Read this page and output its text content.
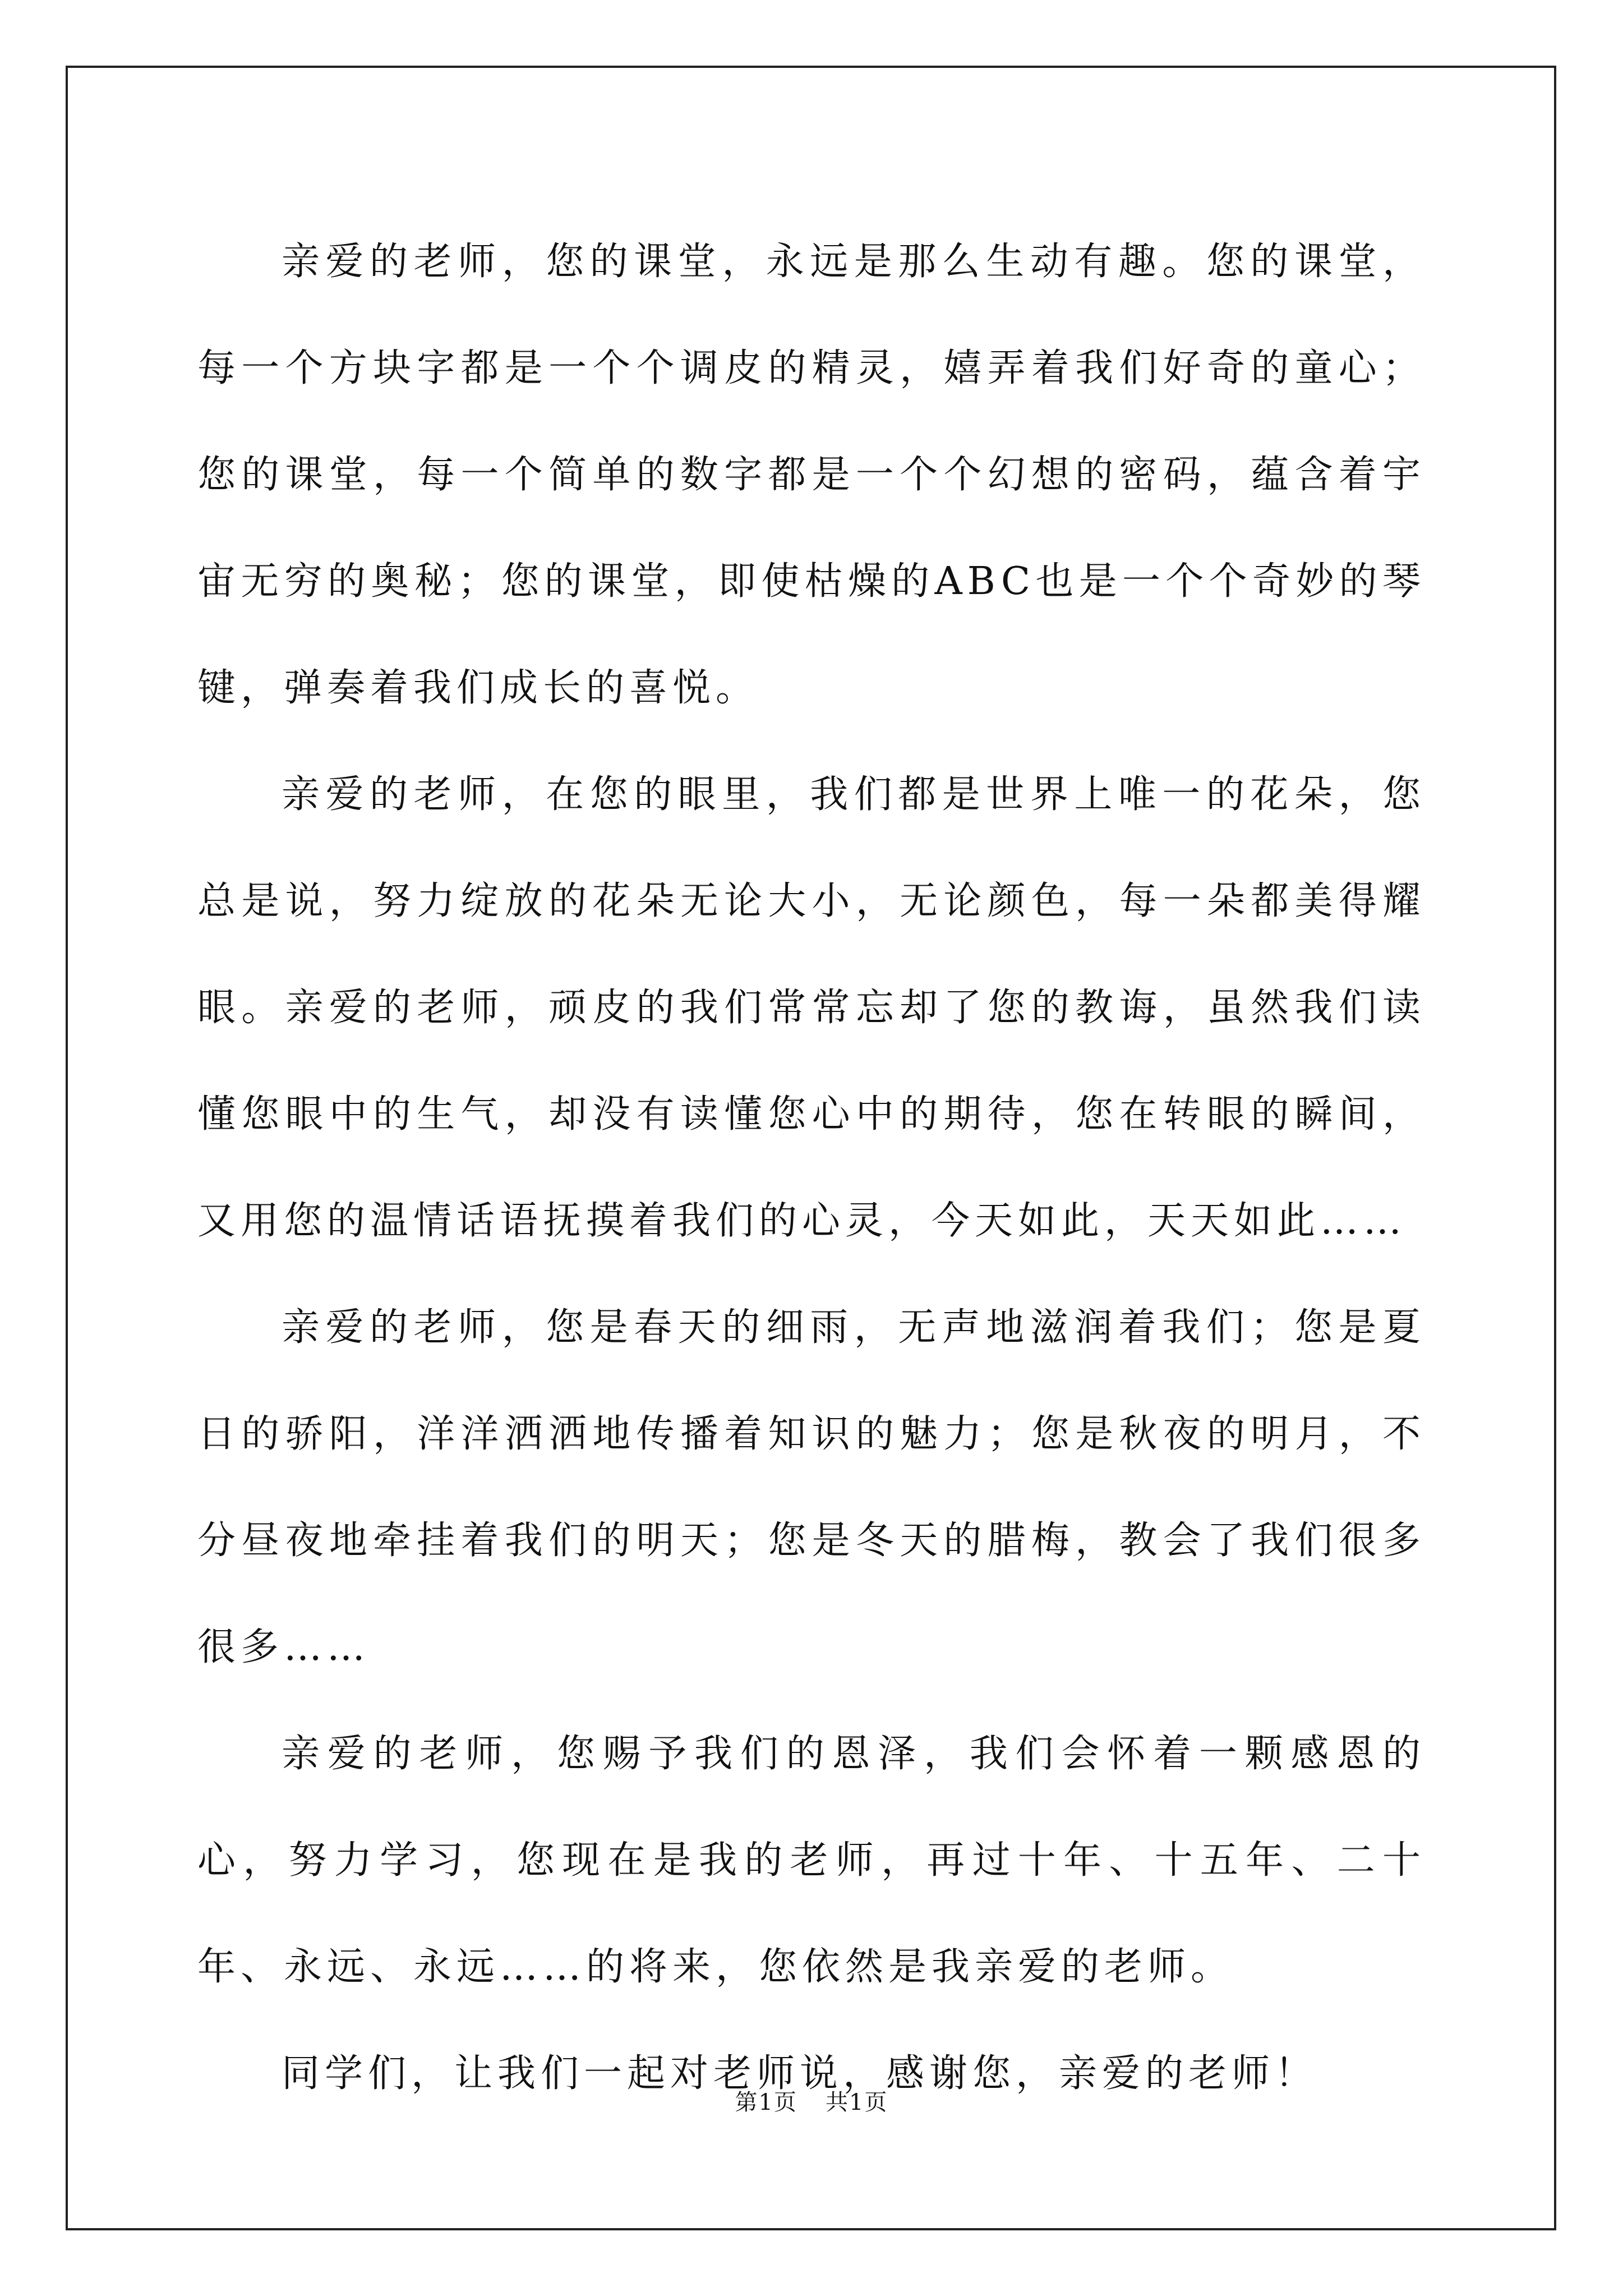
亲爱的老师，您的课堂，永远是那么生动有趣。您的课堂，每一个方块字都是一个个调皮的精灵，嬉弄着我们好奇的童心；您的课堂，每一个简单的数字都是一个个幻想的密码，蕴含着宇宙无穷的奥秘；您的课堂，即使枯燥的ABC也是一个个奇妙的琴键，弹奏着我们成长的喜悦。

亲爱的老师，在您的眼里，我们都是世界上唯一的花朵，您总是说，努力绽放的花朵无论大小，无论颜色，每一朵都美得耀眼。亲爱的老师，顽皮的我们常常忘却了您的教诲，虽然我们读懂您眼中的生气，却没有读懂您心中的期待，您在转眼的瞬间，又用您的温情话语抚摸着我们的心灵，今天如此，天天如此……

亲爱的老师，您是春天的细雨，无声地滋润着我们；您是夏日的骄阳，洋洋洒洒地传播着知识的魅力；您是秋夜的明月，不分昼夜地牵挂着我们的明天；您是冬天的腊梅，教会了我们很多很多……

亲爱的老师，您赐予我们的恩泽，我们会怀着一颗感恩的心，努力学习，您现在是我的老师，再过十年、十五年、二十年、永远、永远……的将来，您依然是我亲爱的老师。

同学们，让我们一起对老师说，感谢您，亲爱的老师！

第1页 共1页
